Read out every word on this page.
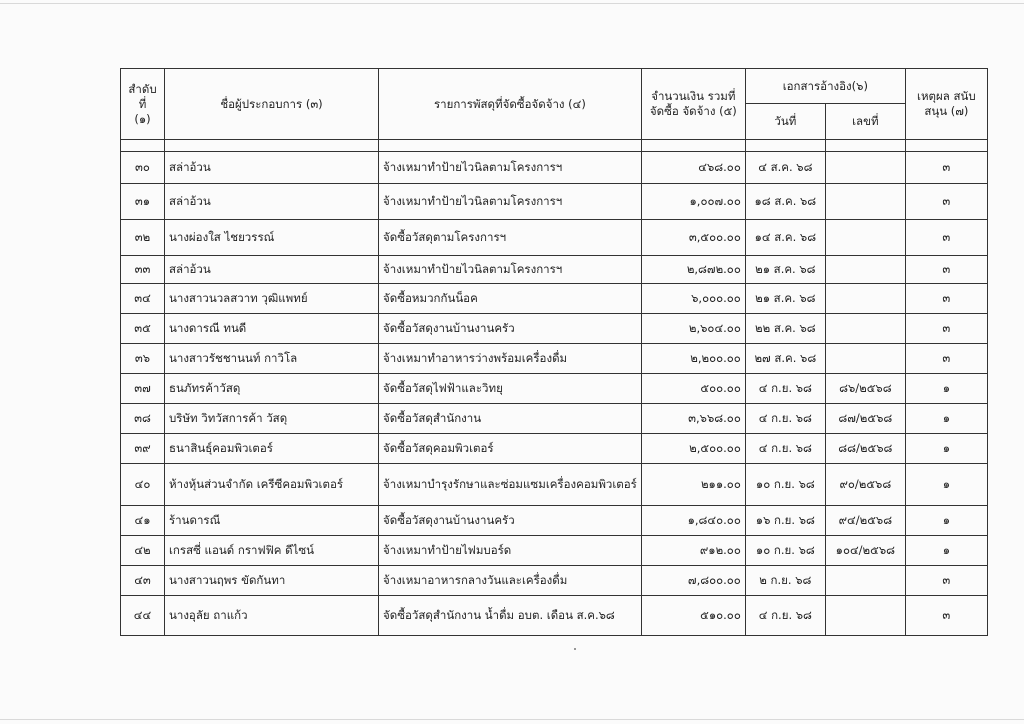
สำดับที่
(๑)	ชื่อผู้ประกอบการ (๓)	รายการพัสดุที่จัดซื้อจัดจ้าง (๔)	จำนวนเงิน รวมที่
จัดซื้อ จัดจ้าง (๕)	เอกสารอ้างอิง(๖)		เหตุผล สนับ
สนุน (๗)
				วันที่	เลขที่	

๓๐	สล่าอ้วน	จ้างเหมาทำป้ายไวนิลตามโครงการฯ	๔๖๘.๐๐	๔ ส.ค. ๖๘		๓
๓๑	สล่าอ้วน	จ้างเหมาทำป้ายไวนิลตามโครงการฯ	๑,๐๐๗.๐๐	๑๘ ส.ค. ๖๘		๓
๓๒	นางผ่องใส ไชยวรรณ์	จัดซื้อวัสดุตามโครงการฯ	๓,๕๐๐.๐๐	๑๔ ส.ค. ๖๘		๓
๓๓	สล่าอ้วน	จ้างเหมาทำป้ายไวนิลตามโครงการฯ	๒,๘๗๒.๐๐	๒๑ ส.ค. ๖๘		๓
๓๔	นางสาวนวลสวาท วุฒิแพทย์	จัดซื้อหมวกกันน็อค	๖,๐๐๐.๐๐	๒๑ ส.ค. ๖๘		๓
๓๕	นางดารณี ทนดี	จัดซื้อวัสดุงานบ้านงานครัว	๒,๖๐๔.๐๐	๒๒ ส.ค. ๖๘		๓
๓๖	นางสาวรัชชานนท์ กาวิโล	จ้างเหมาทำอาหารว่างพร้อมเครื่องดื่ม	๒,๒๐๐.๐๐	๒๗ ส.ค. ๖๘		๓
๓๗	ธนภัทรค้าวัสดุ	จัดซื้อวัสดุไฟฟ้าและวิทยุ	๕๐๐.๐๐	๔ ก.ย. ๖๘	๘๖/๒๕๖๘	๑
๓๘	บริษัท วิทวัสการค้า วัสดุ	จัดซื้อวัสดุสำนักงาน	๓,๖๖๘.๐๐	๔ ก.ย. ๖๘	๘๗/๒๕๖๘	๑
๓๙	ธนาสินธุ์คอมพิวเตอร์	จัดซื้อวัสดุคอมพิวเตอร์	๒,๕๐๐.๐๐	๔ ก.ย. ๖๘	๘๘/๒๕๖๘	๑
๔๐	ห้างหุ้นส่วนจำกัด เครีซีคอมพิวเตอร์	จ้างเหมาบำรุงรักษาและซ่อมแซมเครื่องคอมพิวเตอร์	๒๑๑.๐๐	๑๐ ก.ย. ๖๘	๙๐/๒๕๖๘	๑
๔๑	ร้านดารณี	จัดซื้อวัสดุงานบ้านงานครัว	๑,๘๔๐.๐๐	๑๖ ก.ย. ๖๘	๙๔/๒๕๖๘	๑
๔๒	เกรสซี่ แอนด์ กราฟฟิค ดีไซน์	จ้างเหมาทำป้ายไฟมบอร์ด	๙๑๒.๐๐	๑๐ ก.ย. ๖๘	๑๐๔/๒๕๖๘	๑
๔๓	นางสาวนฤพร ขัดกันทา	จ้างเหมาอาหารกลางวันและเครื่องดื่ม	๗,๘๐๐.๐๐	๒ ก.ย. ๖๘		๓
๔๔	นางอุลัย ถาแก้ว	จัดซื้อวัสดุสำนักงาน น้ำดื่ม อบต. เดือน ส.ค.๖๘	๕๑๐.๐๐	๔ ก.ย. ๖๘		๓
